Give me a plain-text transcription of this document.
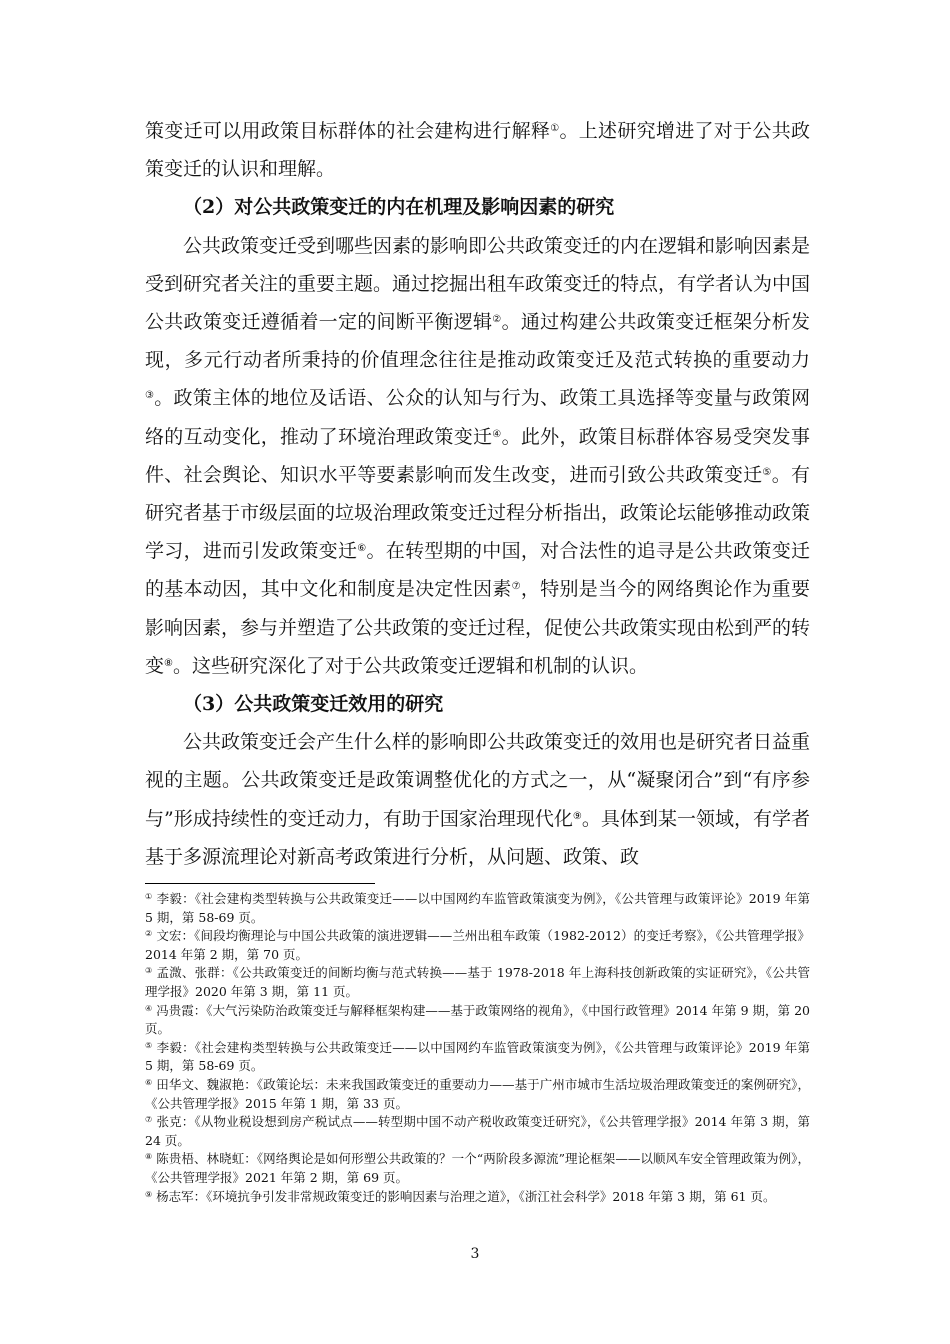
策变迁可以用政策目标群体的社会建构进行解释①。上述研究增进了对于公共政策变迁的认识和理解。

（2）对公共政策变迁的内在机理及影响因素的研究

公共政策变迁受到哪些因素的影响即公共政策变迁的内在逻辑和影响因素是受到研究者关注的重要主题。通过挖掘出租车政策变迁的特点，有学者认为中国公共政策变迁遵循着一定的间断平衡逻辑②。通过构建公共政策变迁框架分析发现，多元行动者所秉持的价值理念往往是推动政策变迁及范式转换的重要动力③。政策主体的地位及话语、公众的认知与行为、政策工具选择等变量与政策网络的互动变化，推动了环境治理政策变迁④。此外，政策目标群体容易受突发事件、社会舆论、知识水平等要素影响而发生改变，进而引致公共政策变迁⑤。有研究者基于市级层面的垃圾治理政策变迁过程分析指出，政策论坛能够推动政策学习，进而引发政策变迁⑥。在转型期的中国，对合法性的追寻是公共政策变迁的基本动因，其中文化和制度是决定性因素⑦，特别是当今的网络舆论作为重要影响因素，参与并塑造了公共政策的变迁过程，促使公共政策实现由松到严的转变⑧。这些研究深化了对于公共政策变迁逻辑和机制的认识。

（3）公共政策变迁效用的研究

公共政策变迁会产生什么样的影响即公共政策变迁的效用也是研究者日益重视的主题。公共政策变迁是政策调整优化的方式之一，从“凝聚闭合”到“有序参与”形成持续性的变迁动力，有助于国家治理现代化⑨。具体到某一领域，有学者基于多源流理论对新高考政策进行分析，从问题、政策、政

① 李毅：《社会建构类型转换与公共政策变迁——以中国网约车监管政策演变为例》，《公共管理与政策评论》2019 年第 5 期，第 58-69 页。

② 文宏：《间段均衡理论与中国公共政策的演进逻辑——兰州出租车政策（1982-2012）的变迁考察》，《公共管理学报》2014 年第 2 期，第 70 页。

③ 孟溦、张群：《公共政策变迁的间断均衡与范式转换——基于 1978-2018 年上海科技创新政策的实证研究》，《公共管理学报》2020 年第 3 期，第 11 页。

④ 冯贵霞：《大气污染防治政策变迁与解释框架构建——基于政策网络的视角》，《中国行政管理》2014 年第 9 期，第 20 页。

⑤ 李毅：《社会建构类型转换与公共政策变迁——以中国网约车监管政策演变为例》，《公共管理与政策评论》2019 年第 5 期，第 58-69 页。

⑥ 田华文、魏淑艳：《政策论坛：未来我国政策变迁的重要动力——基于广州市城市生活垃圾治理政策变迁的案例研究》，《公共管理学报》2015 年第 1 期，第 33 页。

⑦ 张克：《从物业税设想到房产税试点——转型期中国不动产税收政策变迁研究》，《公共管理学报》2014 年第 3 期，第 24 页。

⑧ 陈贵梧、林晓虹：《网络舆论是如何形塑公共政策的？一个“两阶段多源流”理论框架——以顺风车安全管理政策为例》，《公共管理学报》2021 年第 2 期，第 69 页。

⑨ 杨志军：《环境抗争引发非常规政策变迁的影响因素与治理之道》，《浙江社会科学》2018 年第 3 期，第 61 页。

3
